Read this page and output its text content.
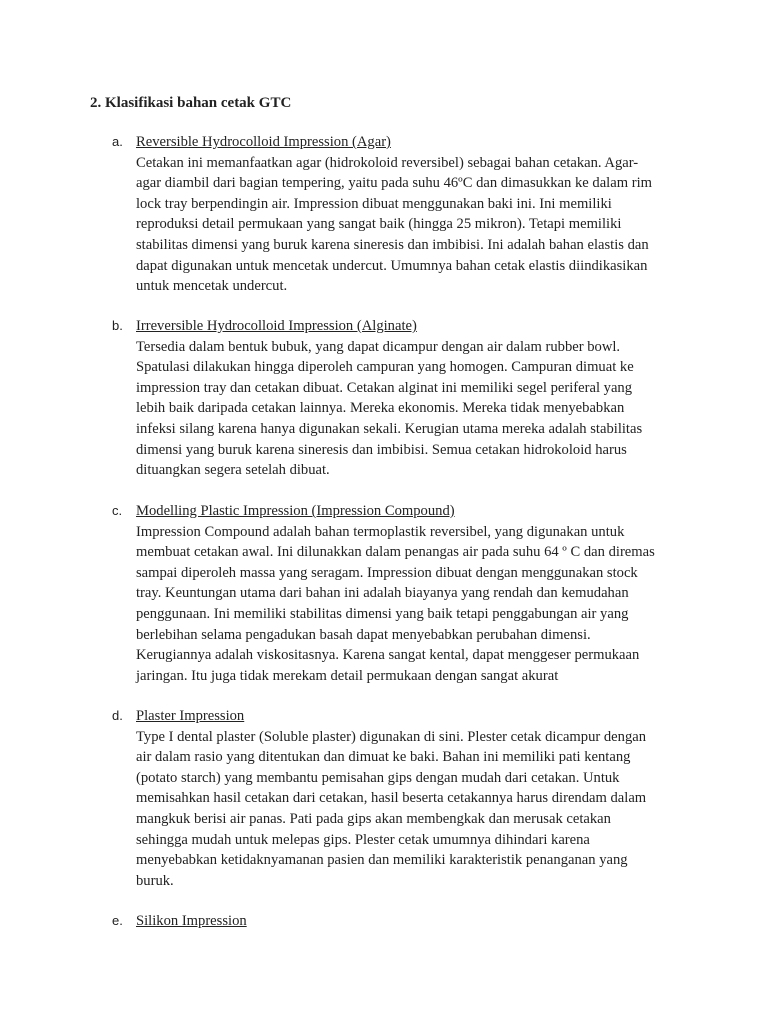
2. Klasifikasi bahan cetak GTC
a. Reversible Hydrocolloid Impression (Agar)
Cetakan ini memanfaatkan agar (hidrokoloid reversibel) sebagai bahan cetakan. Agar-
agar diambil dari bagian tempering, yaitu pada suhu 46ºC dan dimasukkan ke dalam rim
lock tray berpendingin air. Impression dibuat menggunakan baki ini. Ini memiliki
reproduksi detail permukaan yang sangat baik (hingga 25 mikron). Tetapi memiliki
stabilitas dimensi yang buruk karena sineresis dan imbibisi. Ini adalah bahan elastis dan
dapat digunakan untuk mencetak undercut. Umumnya bahan cetak elastis diindikasikan
untuk mencetak undercut.
b. Irreversible Hydrocolloid Impression (Alginate)
Tersedia dalam bentuk bubuk, yang dapat dicampur dengan air dalam rubber bowl.
Spatulasi dilakukan hingga diperoleh campuran yang homogen. Campuran dimuat ke
impression tray dan cetakan dibuat. Cetakan alginat ini memiliki segel periferal yang
lebih baik daripada cetakan lainnya. Mereka ekonomis. Mereka tidak menyebabkan
infeksi silang karena hanya digunakan sekali. Kerugian utama mereka adalah stabilitas
dimensi yang buruk karena sineresis dan imbibisi. Semua cetakan hidrokoloid harus
dituangkan segera setelah dibuat.
c. Modelling Plastic Impression (Impression Compound)
Impression Compound adalah bahan termoplastik reversibel, yang digunakan untuk
membuat cetakan awal. Ini dilunakkan dalam penangas air pada suhu 64 º C dan diremas
sampai diperoleh massa yang seragam. Impression dibuat dengan menggunakan stock
tray. Keuntungan utama dari bahan ini adalah biayanya yang rendah dan kemudahan
penggunaan. Ini memiliki stabilitas dimensi yang baik tetapi penggabungan air yang
berlebihan selama pengadukan basah dapat menyebabkan perubahan dimensi.
Kerugiannya adalah viskositasnya. Karena sangat kental, dapat menggeser permukaan
jaringan. Itu juga tidak merekam detail permukaan dengan sangat akurat
d. Plaster Impression
Type I dental plaster (Soluble plaster) digunakan di sini. Plester cetak dicampur dengan
air dalam rasio yang ditentukan dan dimuat ke baki. Bahan ini memiliki pati kentang
(potato starch) yang membantu pemisahan gips dengan mudah dari cetakan. Untuk
memisahkan hasil cetakan dari cetakan, hasil beserta cetakannya harus direndam dalam
mangkuk berisi air panas. Pati pada gips akan membengkak dan merusak cetakan
sehingga mudah untuk melepas gips. Plester cetak umumnya dihindari karena
menyebabkan ketidaknyamanan pasien dan memiliki karakteristik penanganan yang
buruk.
e. Silikon Impression
